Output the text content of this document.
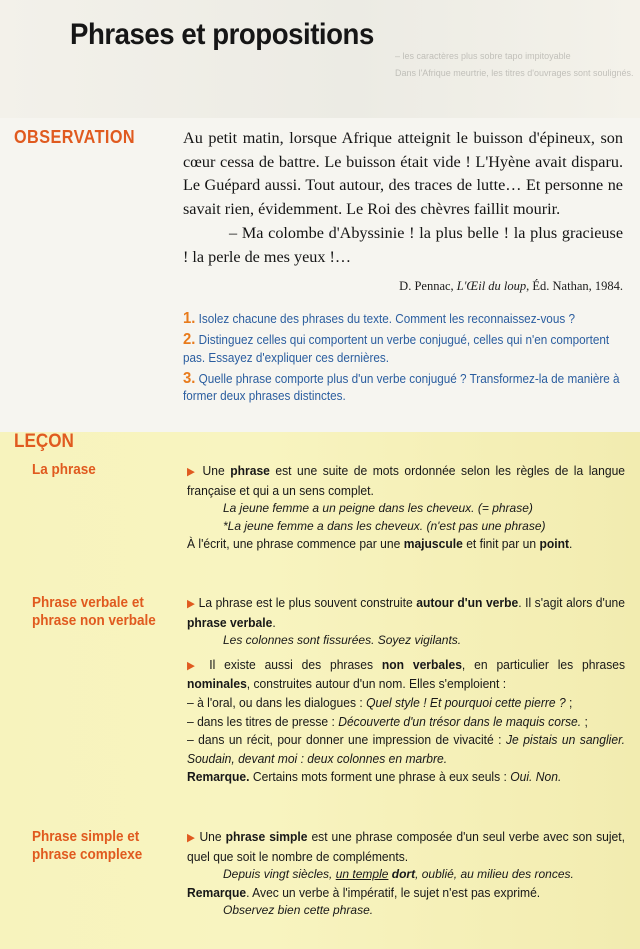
Phrases et propositions
– les caractères plus sobre tapo impitoyable
Dans l'Afrique meurtrie, les titres d'ouvrages sont soulignés.
OBSERVATION	Au petit matin, lorsque Afrique atteignit le buisson d'épineux, son cœur cessa de battre. Le buisson était vide ! L'Hyène avait disparu. Le Guépard aussi. Tout autour, des traces de lutte… Et personne ne savait rien, évidemment. Le Roi des chèvres faillit mourir.

– Ma colombe d'Abyssinie ! la plus belle ! la plus gracieuse ! la perle de mes yeux !…

D. Pennac, L'Œil du loup, Éd. Nathan, 1984.
1. Isolez chacune des phrases du texte. Comment les reconnaissez-vous ?
2. Distinguez celles qui comportent un verbe conjugué, celles qui n'en comportent pas. Essayez d'expliquer ces dernières.
3. Quelle phrase comporte plus d'un verbe conjugué ? Transformez-la de manière à former deux phrases distinctes.
LEÇON
La phrase	▶ Une phrase est une suite de mots ordonnée selon les règles de la langue française et qui a un sens complet.
La jeune femme a un peigne dans les cheveux. (= phrase)
*La jeune femme a dans les cheveux. (n'est pas une phrase)
À l'écrit, une phrase commence par une majuscule et finit par un point.
Phrase verbale et
phrase non verbale
▶ La phrase est le plus souvent construite autour d'un verbe. Il s'agit alors d'une phrase verbale.
Les colonnes sont fissurées. Soyez vigilants.
▶ Il existe aussi des phrases non verbales, en particulier les phrases nominales, construites autour d'un nom. Elles s'emploient :
– à l'oral, ou dans les dialogues : Quel style ! Et pourquoi cette pierre ? ;
– dans les titres de presse : Découverte d'un trésor dans le maquis corse. ;
– dans un récit, pour donner une impression de vivacité : Je pistais un sanglier. Soudain, devant moi : deux colonnes en marbre.
Remarque. Certains mots forment une phrase à eux seuls : Oui. Non.
Phrase simple et
phrase complexe
▶ Une phrase simple est une phrase composée d'un seul verbe avec son sujet, quel que soit le nombre de compléments.
Depuis vingt siècles, un temple dort, oublié, au milieu des ronces.
Remarque. Avec un verbe à l'impératif, le sujet n'est pas exprimé.
Observez bien cette phrase.
